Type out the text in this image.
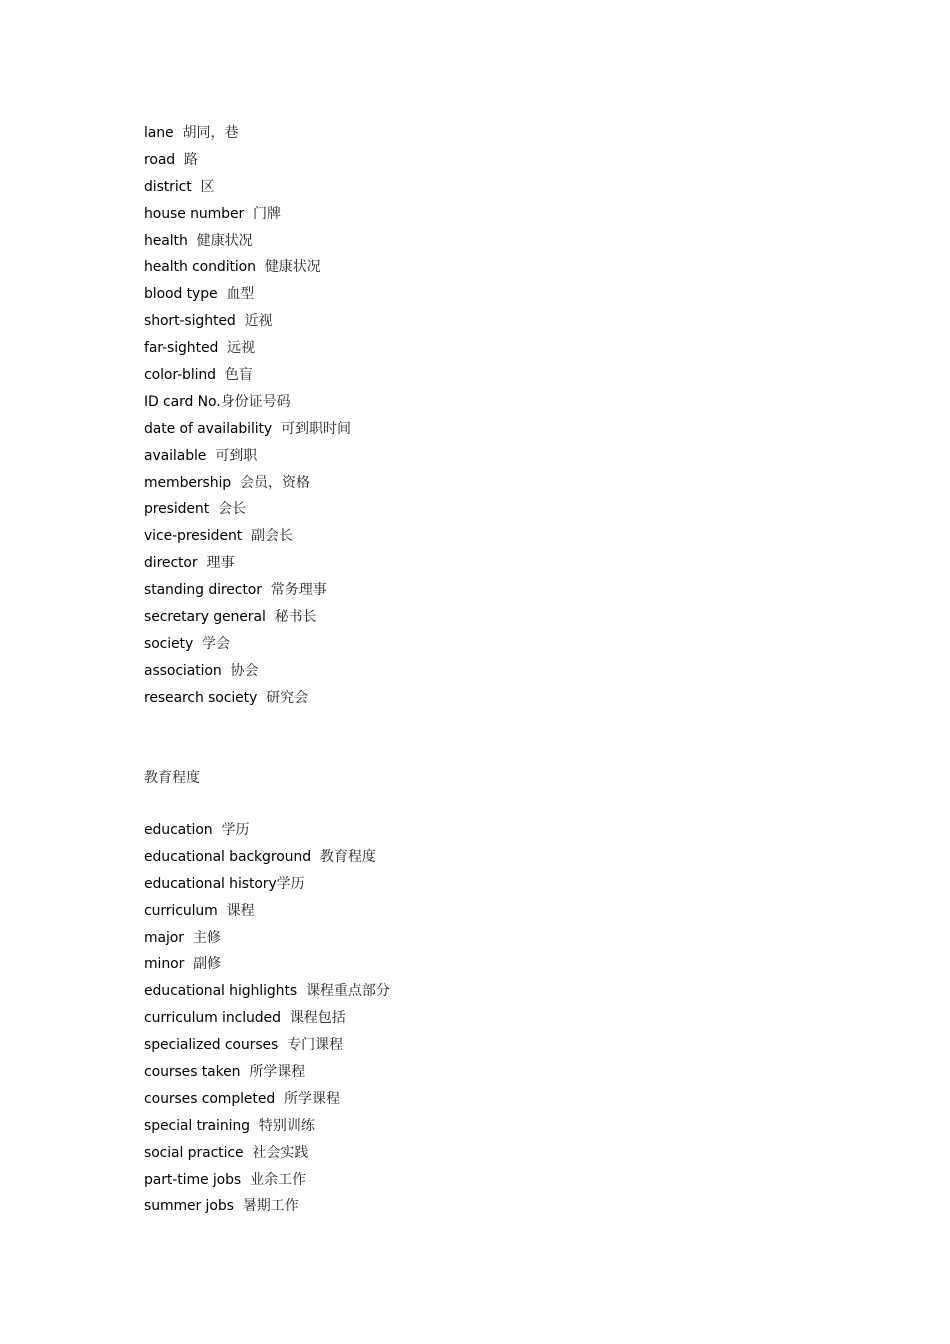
lane 胡同，巷
road 路
district 区
house number 门牌
health 健康状况
health condition 健康状况
blood type 血型
short-sighted 近视
far-sighted 远视
color-blind 色盲
ID card No.身份证号码
date of availability 可到职时间
available 可到职
membership 会员，资格
president 会长
vice-president 副会长
director 理事
standing director 常务理事
secretary general 秘书长
society 学会
association 协会
research society 研究会
教育程度
education 学历
educational background 教育程度
educational history学历
curriculum 课程
major 主修
minor 副修
educational highlights 课程重点部分
curriculum included 课程包括
specialized courses 专门课程
courses taken 所学课程
courses completed 所学课程
special training 特别训练
social practice 社会实践
part-time jobs 业余工作
summer jobs 暑期工作
